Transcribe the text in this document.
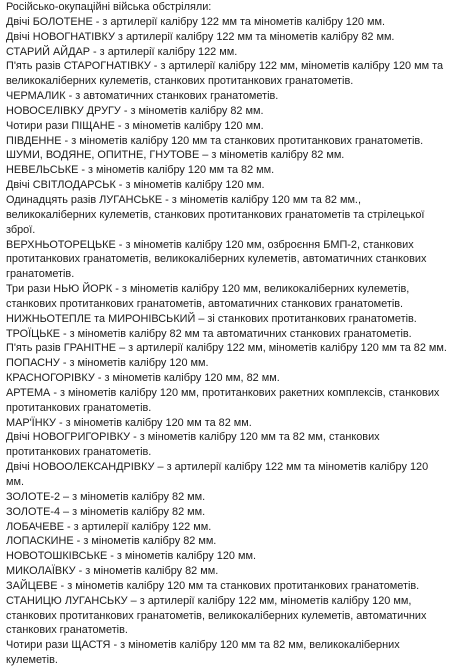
Російсько-окупаційні війська обстріляли:

Двічі БОЛОТЕНЕ - з артилерії калібру 122 мм та мінометів калібру 120 мм.

Двічі НОВОГНАТІВКУ з артилерії калібру 122 мм та мінометів калібру 82 мм.

СТАРИЙ АЙДАР - з артилерії калібру 122 мм.

П'ять разів СТАРОГНАТІВКУ - з артилерії калібру 122 мм, мінометів калібру 120 мм та великокаліберних кулеметів, станкових протитанкових гранатометів.

ЧЕРМАЛИК - з автоматичних станкових гранатометів.

НОВОСЕЛІВКУ ДРУГУ - з мінометів калібру 82 мм.

Чотири рази ПІЩАНЕ - з мінометів калібру 120 мм.

ПІВДЕННЕ - з мінометів калібру 120 мм та станкових протитанкових гранатометів.

ШУМИ, ВОДЯНЕ, ОПИТНЕ, ГНУТОВЕ – з мінометів калібру 82 мм.

НЕВЕЛЬСЬКЕ - з мінометів калібру 120 мм та 82 мм.

Двічі СВІТЛОДАРСЬК - з мінометів калібру 120 мм.

Одинадцять разів ЛУГАНСЬКЕ - з мінометів калібру 120 мм та 82 мм., великокаліберних кулеметів, станкових протитанкових гранатометів та стрілецької зброї.

ВЕРХНЬОТОРЕЦЬКЕ - з мінометів калібру 120 мм, озброєння БМП-2, станкових протитанкових гранатометів, великокаліберних кулеметів, автоматичних станкових гранатометів.

Три рази НЬЮ ЙОРК - з мінометів калібру 120 мм, великокаліберних кулеметів, станкових протитанкових гранатометів, автоматичних станкових гранатометів.

НИЖНЬОТЕПЛЕ та МИРОНІВСЬКИЙ – зі станкових протитанкових гранатометів.

ТРОЇЦЬКЕ - з мінометів калібру 82 мм та автоматичних станкових гранатометів.

П'ять разів ГРАНІТНЕ – з артилерії калібру 122 мм, мінометів калібру 120 мм та 82 мм.

ПОПАСНУ - з мінометів калібру 120 мм.

КРАСНОГОРІВКУ - з мінометів калібру 120 мм, 82 мм.

АРТЕМА - з мінометів калібру 120 мм, протитанкових ракетних комплексів, станкових протитанкових гранатометів.

МАР'ЇНКУ - з мінометів калібру 120 мм та 82 мм.

Двічі НОВОГРИГОРІВКУ - з мінометів калібру 120 мм та 82 мм, станкових протитанкових гранатометів.

Двічі НОВООЛЕКСАНДРІВКУ – з артилерії калібру 122 мм та мінометів калібру 120 мм.

ЗОЛОТЕ-2 – з мінометів калібру 82 мм.

ЗОЛОТЕ-4 – з мінометів калібру 82 мм.

ЛОБАЧЕВЕ - з артилерії калібру 122 мм.

ЛОПАСКИНЕ - з мінометів калібру 82 мм.

НОВОТОШКІВСЬКЕ - з мінометів калібру 120 мм.

МИКОЛАЇВКУ - з мінометів калібру 82 мм.

ЗАЙЦЕВЕ - з мінометів калібру 120 мм та станкових протитанкових гранатометів.

СТАНИЦЮ ЛУГАНСЬКУ – з артилерії калібру 122 мм, мінометів калібру 120 мм, станкових протитанкових гранатометів, великокаліберних кулеметів, автоматичних станкових гранатометів.

Чотири рази ЩАСТЯ - з мінометів калібру 120 мм та 82 мм, великокаліберних кулеметів.
